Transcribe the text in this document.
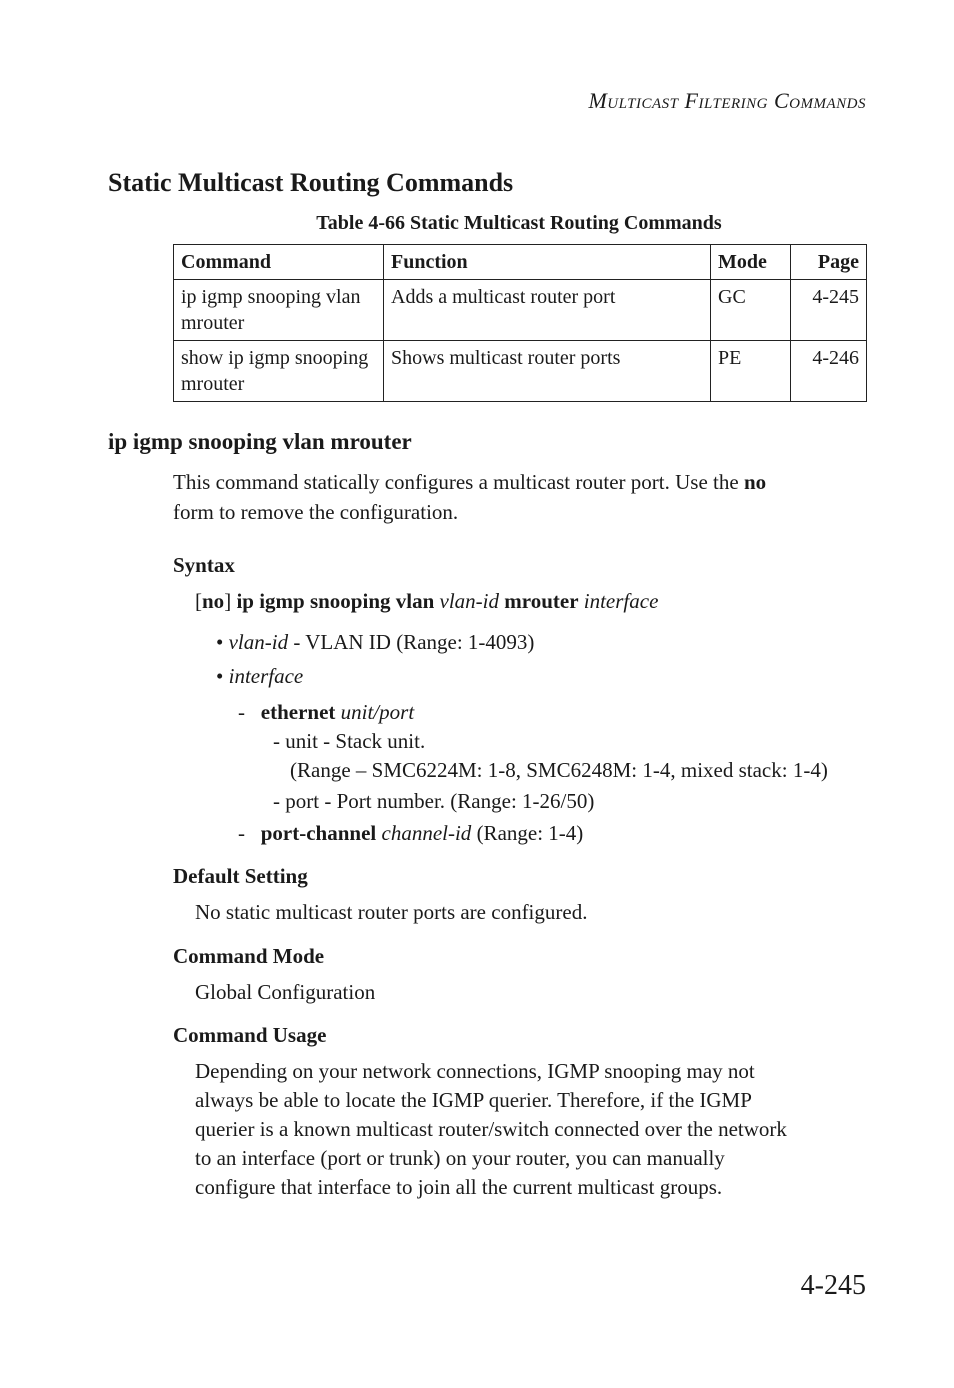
Multicast Filtering Commands
Static Multicast Routing Commands
Table 4-66 Static Multicast Routing Commands
Command	Function	Mode	Page
ip igmp snooping vlan
mrouter	Adds a multicast router port	GC	4-245
show ip igmp snooping
mrouter	Shows multicast router ports	PE	4-246
ip igmp snooping vlan mrouter
This command statically configures a multicast router port. Use the no
form to remove the configuration.
Syntax
[no] ip igmp snooping vlan vlan-id mrouter interface
• vlan-id - VLAN ID (Range: 1-4093)
• interface
- ethernet unit/port
- unit - Stack unit.
(Range – SMC6224M: 1-8, SMC6248M: 1-4, mixed stack: 1-4)
- port - Port number. (Range: 1-26/50)
- port-channel channel-id (Range: 1-4)
Default Setting
No static multicast router ports are configured.
Command Mode
Global Configuration
Command Usage
Depending on your network connections, IGMP snooping may not
always be able to locate the IGMP querier. Therefore, if the IGMP
querier is a known multicast router/switch connected over the network
to an interface (port or trunk) on your router, you can manually
configure that interface to join all the current multicast groups.
4-245
